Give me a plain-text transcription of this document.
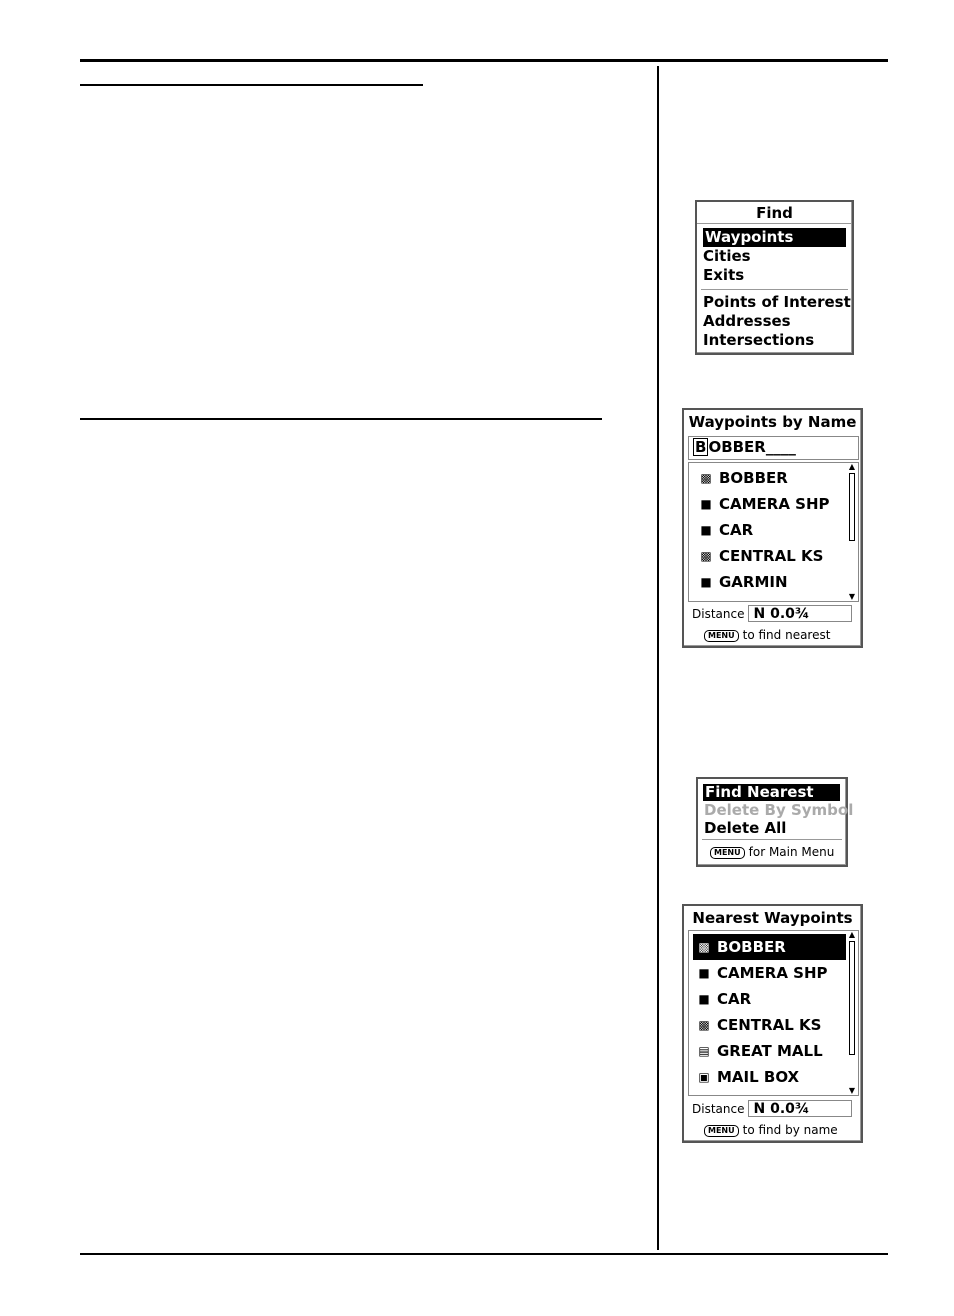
Find
Waypoints
Cities
Exits
Points of Interest
Addresses
Intersections
Waypoints by Name
B OBBER____
▩ BOBBER
■ CAMERA SHP
■ CAR
▩ CENTRAL KS
■ GARMIN
▲
▼
Distance N 0.0¾
MENU to find nearest
Find Nearest
Delete By Symbol
Delete All
MENU for Main Menu
Nearest Waypoints
▩ BOBBER
■ CAMERA SHP
■ CAR
▩ CENTRAL KS
▤ GREAT MALL
▣ MAIL BOX
▲
▼
Distance N 0.0¾
MENU to find by name
